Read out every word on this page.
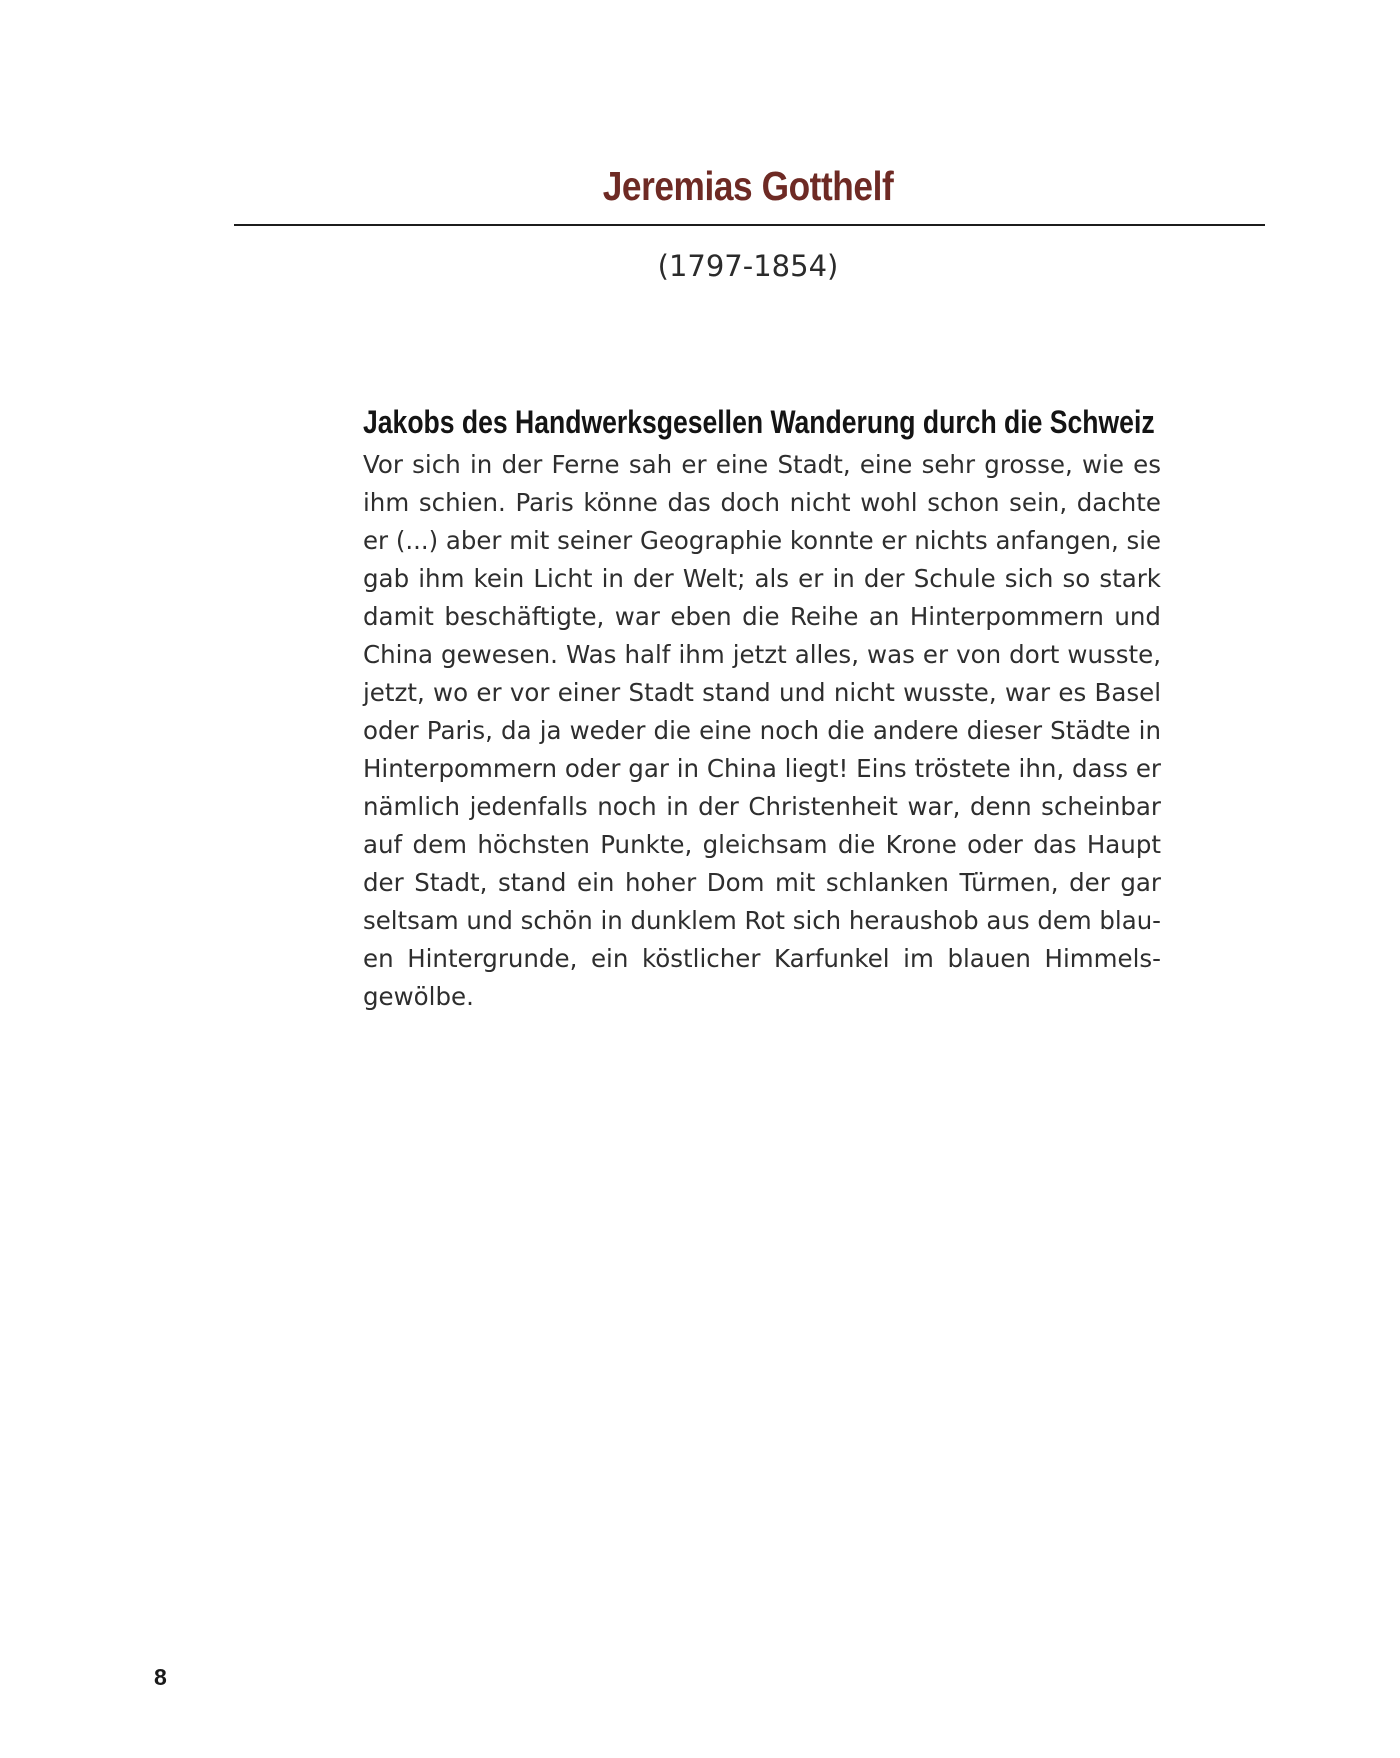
Jeremias Gotthelf
(1797-1854)
Jakobs des Handwerksgesellen Wanderung durch die Schweiz

Vor sich in der Ferne sah er eine Stadt, eine sehr grosse, wie es
ihm schien. Paris könne das doch nicht wohl schon sein, dachte
er (...) aber mit seiner Geographie konnte er nichts anfangen, sie
gab ihm kein Licht in der Welt; als er in der Schule sich so stark
damit beschäftigte, war eben die Reihe an Hinterpommern und
China gewesen. Was half ihm jetzt alles, was er von dort wusste,
jetzt, wo er vor einer Stadt stand und nicht wusste, war es Basel
oder Paris, da ja weder die eine noch die andere dieser Städte in
Hinterpommern oder gar in China liegt! Eins tröstete ihn, dass er
nämlich jedenfalls noch in der Christenheit war, denn scheinbar
auf dem höchsten Punkte, gleichsam die Krone oder das Haupt
der Stadt, stand ein hoher Dom mit schlanken Türmen, der gar
seltsam und schön in dunklem Rot sich heraushob aus dem blau-
en Hintergrunde, ein köstlicher Karfunkel im blauen Himmels-
gewölbe.

8
